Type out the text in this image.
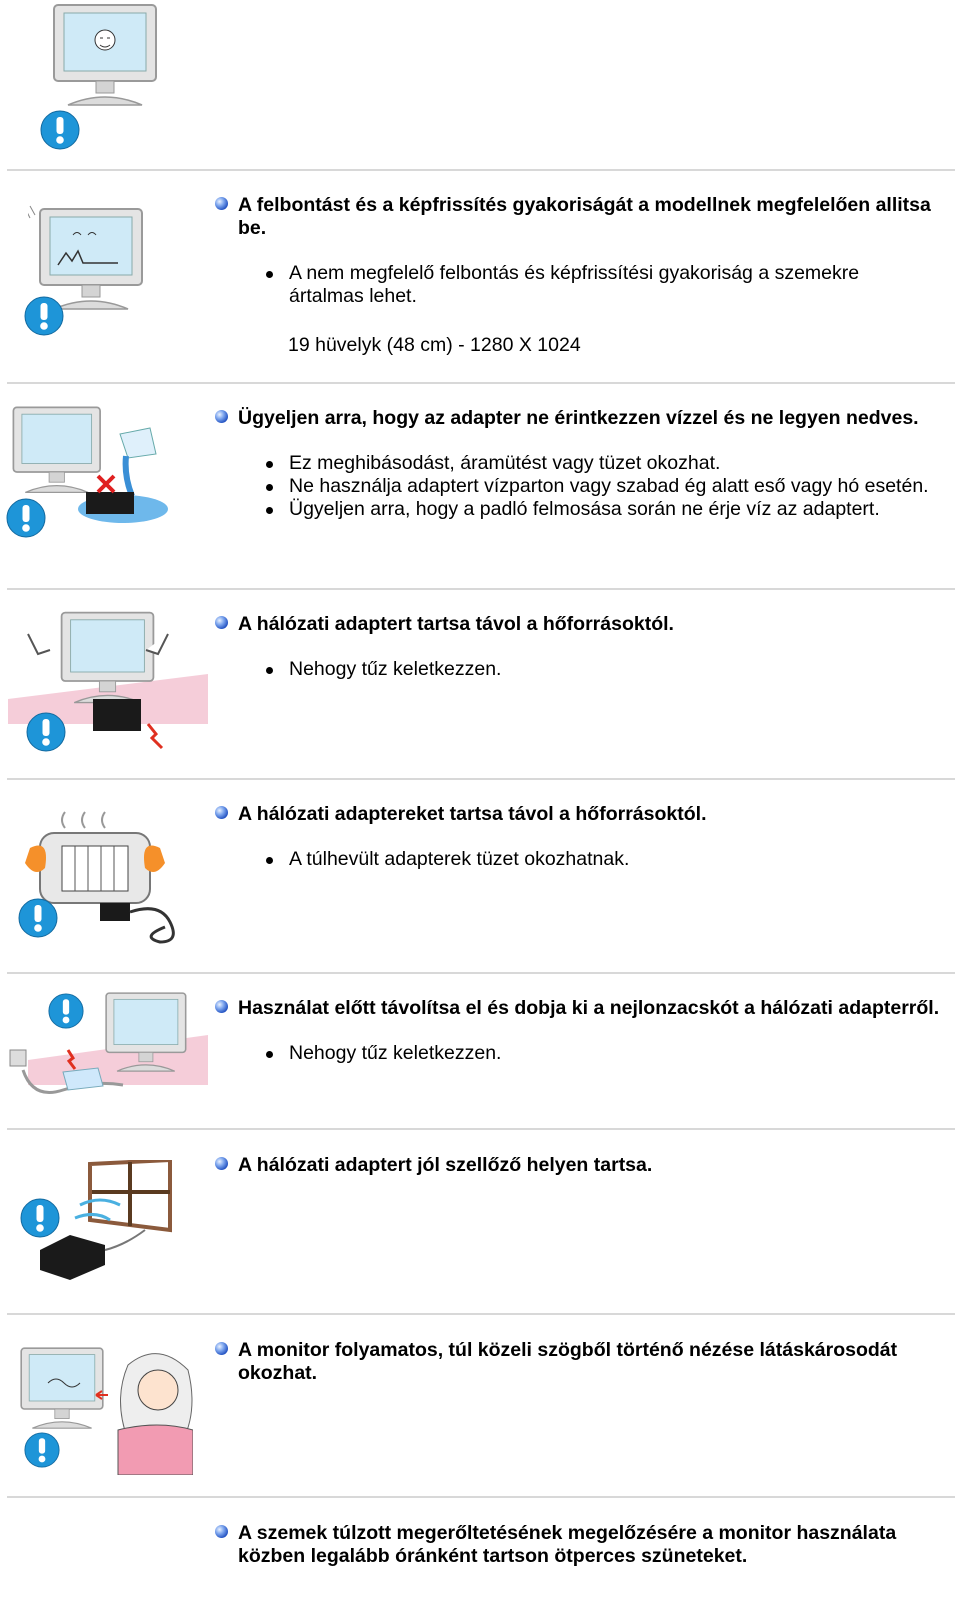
A felbontást és a képfrissítés gyakoriságát a modellnek megfelelően allitsa be.
A nem megfelelő felbontás és képfrissítési gyakoriság a szemekre ártalmas lehet.
19 hüvelyk (48 cm) - 1280 X 1024
Ügyeljen arra, hogy az adapter ne érintkezzen vízzel és ne legyen nedves.
Ez meghibásodást, áramütést vagy tüzet okozhat.
Ne használja adaptert vízparton vagy szabad ég alatt eső vagy hó esetén.
Ügyeljen arra, hogy a padló felmosása során ne érje víz az adaptert.
A hálózati adaptert tartsa távol a hőforrásoktól.
Nehogy tűz keletkezzen.
A hálózati adaptereket tartsa távol a hőforrásoktól.
A túlhevült adapterek tüzet okozhatnak.
Használat előtt távolítsa el és dobja ki a nejlonzacskót a hálózati adapterről.
Nehogy tűz keletkezzen.
A hálózati adaptert jól szellőző helyen tartsa.
A monitor folyamatos, túl közeli szögből történő nézése látáskárosodát okozhat.
A szemek túlzott megerőltetésének megelőzésére a monitor használata közben legalább óránként tartson ötperces szüneteket.
